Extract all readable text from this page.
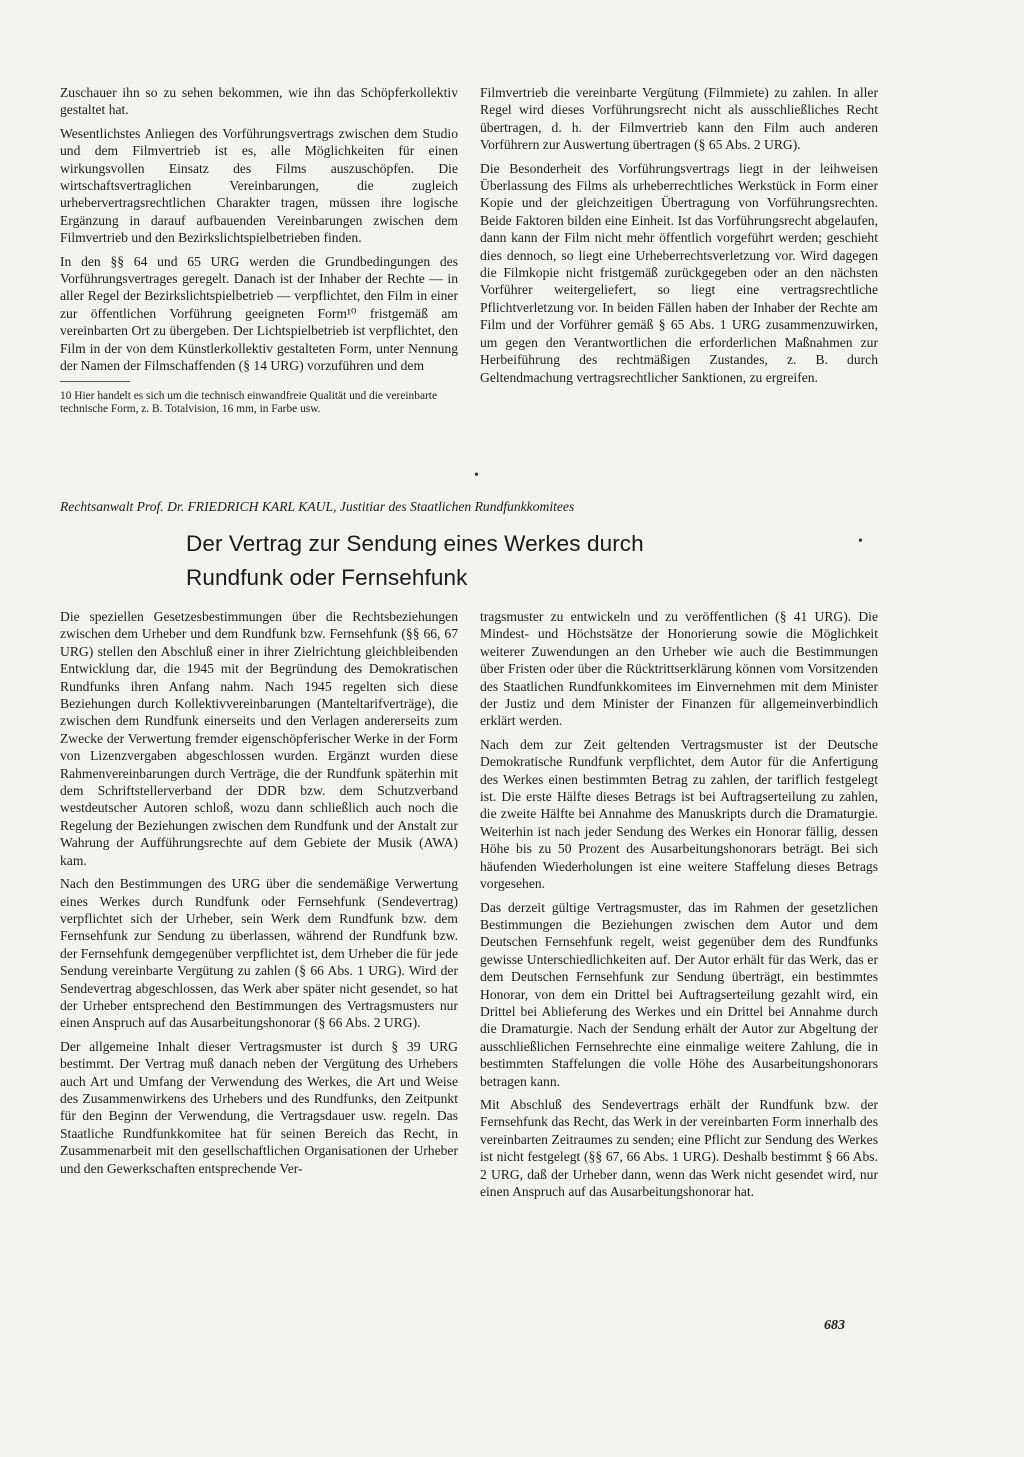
Zuschauer ihn so zu sehen bekommen, wie ihn das Schöpferkollektiv gestaltet hat.

Wesentlichstes Anliegen des Vorführungsvertrags zwischen dem Studio und dem Filmvertrieb ist es, alle Möglichkeiten für einen wirkungsvollen Einsatz des Films auszuschöpfen. Die wirtschaftsvertraglichen Vereinbarungen, die zugleich urhebervertragsrechtlichen Charakter tragen, müssen ihre logische Ergänzung in darauf aufbauenden Vereinbarungen zwischen dem Filmvertrieb und den Bezirkslichtspielbetrieben finden.

In den §§ 64 und 65 URG werden die Grundbedingungen des Vorführungsvertrages geregelt. Danach ist der Inhaber der Rechte — in aller Regel der Bezirkslichtspielbetrieb — verpflichtet, den Film in einer zur öffentlichen Vorführung geeigneten Form¹⁰ fristgemäß am vereinbarten Ort zu übergeben. Der Lichtspielbetrieb ist verpflichtet, den Film in der von dem Künstlerkollektiv gestalteten Form, unter Nennung der Namen der Filmschaffenden (§ 14 URG) vorzuführen und dem

10 Hier handelt es sich um die technisch einwandfreie Qualität und die vereinbarte technische Form, z. B. Totalvision, 16 mm, in Farbe usw.

Filmvertrieb die vereinbarte Vergütung (Filmmiete) zu zahlen. In aller Regel wird dieses Vorführungsrecht nicht als ausschließliches Recht übertragen, d. h. der Filmvertrieb kann den Film auch anderen Vorführern zur Auswertung übertragen (§ 65 Abs. 2 URG).

Die Besonderheit des Vorführungsvertrags liegt in der leihweisen Überlassung des Films als urheberrechtliches Werkstück in Form einer Kopie und der gleichzeitigen Übertragung von Vorführungsrechten. Beide Faktoren bilden eine Einheit. Ist das Vorführungsrecht abgelaufen, dann kann der Film nicht mehr öffentlich vorgeführt werden; geschieht dies dennoch, so liegt eine Urheberrechtsverletzung vor. Wird dagegen die Filmkopie nicht fristgemäß zurückgegeben oder an den nächsten Vorführer weitergeliefert, so liegt eine vertragsrechtliche Pflichtverletzung vor. In beiden Fällen haben der Inhaber der Rechte am Film und der Vorführer gemäß § 65 Abs. 1 URG zusammenzuwirken, um gegen den Verantwortlichen die erforderlichen Maßnahmen zur Herbeiführung des rechtmäßigen Zustandes, z. B. durch Geltendmachung vertragsrechtlicher Sanktionen, zu ergreifen.

•
Rechtsanwalt Prof. Dr. FRIEDRICH KARL KAUL, Justitiar des Staatlichen Rundfunkkomitees
Der Vertrag zur Sendung eines Werkes durch
Rundfunk oder Fernsehfunk
•

Die speziellen Gesetzesbestimmungen über die Rechtsbeziehungen zwischen dem Urheber und dem Rundfunk bzw. Fernsehfunk (§§ 66, 67 URG) stellen den Abschluß einer in ihrer Zielrichtung gleichbleibenden Entwicklung dar, die 1945 mit der Begründung des Demokratischen Rundfunks ihren Anfang nahm. Nach 1945 regelten sich diese Beziehungen durch Kollektivvereinbarungen (Manteltarifverträge), die zwischen dem Rundfunk einerseits und den Verlagen andererseits zum Zwecke der Verwertung fremder eigenschöpferischer Werke in der Form von Lizenzvergaben abgeschlossen wurden. Ergänzt wurden diese Rahmenvereinbarungen durch Verträge, die der Rundfunk späterhin mit dem Schriftstellerverband der DDR bzw. dem Schutzverband westdeutscher Autoren schloß, wozu dann schließlich auch noch die Regelung der Beziehungen zwischen dem Rundfunk und der Anstalt zur Wahrung der Aufführungsrechte auf dem Gebiete der Musik (AWA) kam.

Nach den Bestimmungen des URG über die sendemäßige Verwertung eines Werkes durch Rundfunk oder Fernsehfunk (Sendevertrag) verpflichtet sich der Urheber, sein Werk dem Rundfunk bzw. dem Fernsehfunk zur Sendung zu überlassen, während der Rundfunk bzw. der Fernsehfunk demgegenüber verpflichtet ist, dem Urheber die für jede Sendung vereinbarte Vergütung zu zahlen (§ 66 Abs. 1 URG). Wird der Sendevertrag abgeschlossen, das Werk aber später nicht gesendet, so hat der Urheber entsprechend den Bestimmungen des Vertragsmusters nur einen Anspruch auf das Ausarbeitungshonorar (§ 66 Abs. 2 URG).

Der allgemeine Inhalt dieser Vertragsmuster ist durch § 39 URG bestimmt. Der Vertrag muß danach neben der Vergütung des Urhebers auch Art und Umfang der Verwendung des Werkes, die Art und Weise des Zusammenwirkens des Urhebers und des Rundfunks, den Zeitpunkt für den Beginn der Verwendung, die Vertragsdauer usw. regeln. Das Staatliche Rundfunkkomitee hat für seinen Bereich das Recht, in Zusammenarbeit mit den gesellschaftlichen Organisationen der Urheber und den Gewerkschaften entsprechende Ver-

tragsmuster zu entwickeln und zu veröffentlichen (§ 41 URG). Die Mindest- und Höchstsätze der Honorierung sowie die Möglichkeit weiterer Zuwendungen an den Urheber wie auch die Bestimmungen über Fristen oder über die Rücktrittserklärung können vom Vorsitzenden des Staatlichen Rundfunkkomitees im Einvernehmen mit dem Minister der Justiz und dem Minister der Finanzen für allgemeinverbindlich erklärt werden.

Nach dem zur Zeit geltenden Vertragsmuster ist der Deutsche Demokratische Rundfunk verpflichtet, dem Autor für die Anfertigung des Werkes einen bestimmten Betrag zu zahlen, der tariflich festgelegt ist. Die erste Hälfte dieses Betrags ist bei Auftragserteilung zu zahlen, die zweite Hälfte bei Annahme des Manuskripts durch die Dramaturgie. Weiterhin ist nach jeder Sendung des Werkes ein Honorar fällig, dessen Höhe bis zu 50 Prozent des Ausarbeitungshonorars beträgt. Bei sich häufenden Wiederholungen ist eine weitere Staffelung dieses Betrags vorgesehen.

Das derzeit gültige Vertragsmuster, das im Rahmen der gesetzlichen Bestimmungen die Beziehungen zwischen dem Autor und dem Deutschen Fernsehfunk regelt, weist gegenüber dem des Rundfunks gewisse Unterschiedlichkeiten auf. Der Autor erhält für das Werk, das er dem Deutschen Fernsehfunk zur Sendung überträgt, ein bestimmtes Honorar, von dem ein Drittel bei Auftragserteilung gezahlt wird, ein Drittel bei Ablieferung des Werkes und ein Drittel bei Annahme durch die Dramaturgie. Nach der Sendung erhält der Autor zur Abgeltung der ausschließlichen Fernsehrechte eine einmalige weitere Zahlung, die in bestimmten Staffelungen die volle Höhe des Ausarbeitungshonorars betragen kann.

Mit Abschluß des Sendevertrags erhält der Rundfunk bzw. der Fernsehfunk das Recht, das Werk in der vereinbarten Form innerhalb des vereinbarten Zeitraumes zu senden; eine Pflicht zur Sendung des Werkes ist nicht festgelegt (§§ 67, 66 Abs. 1 URG). Deshalb bestimmt § 66 Abs. 2 URG, daß der Urheber dann, wenn das Werk nicht gesendet wird, nur einen Anspruch auf das Ausarbeitungshonorar hat.

683
